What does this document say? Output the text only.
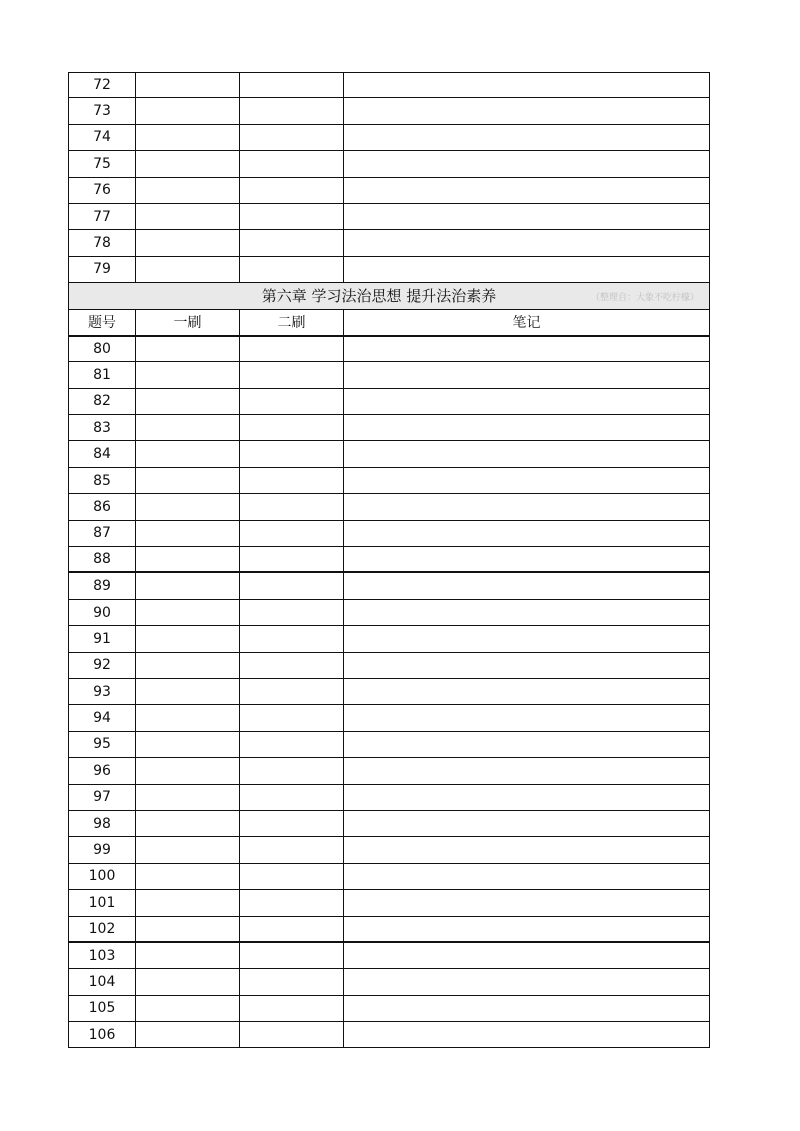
72
73
74
75
76
77
78
79
第六章 学习法治思想 提升法治素养	（整理自：大象不吃柠檬）
题号	一刷	二刷	笔记
80
81
82
83
84
85
86
87
88
89
90
91
92
93
94
95
96
97
98
99
100
101
102
103
104
105
106
